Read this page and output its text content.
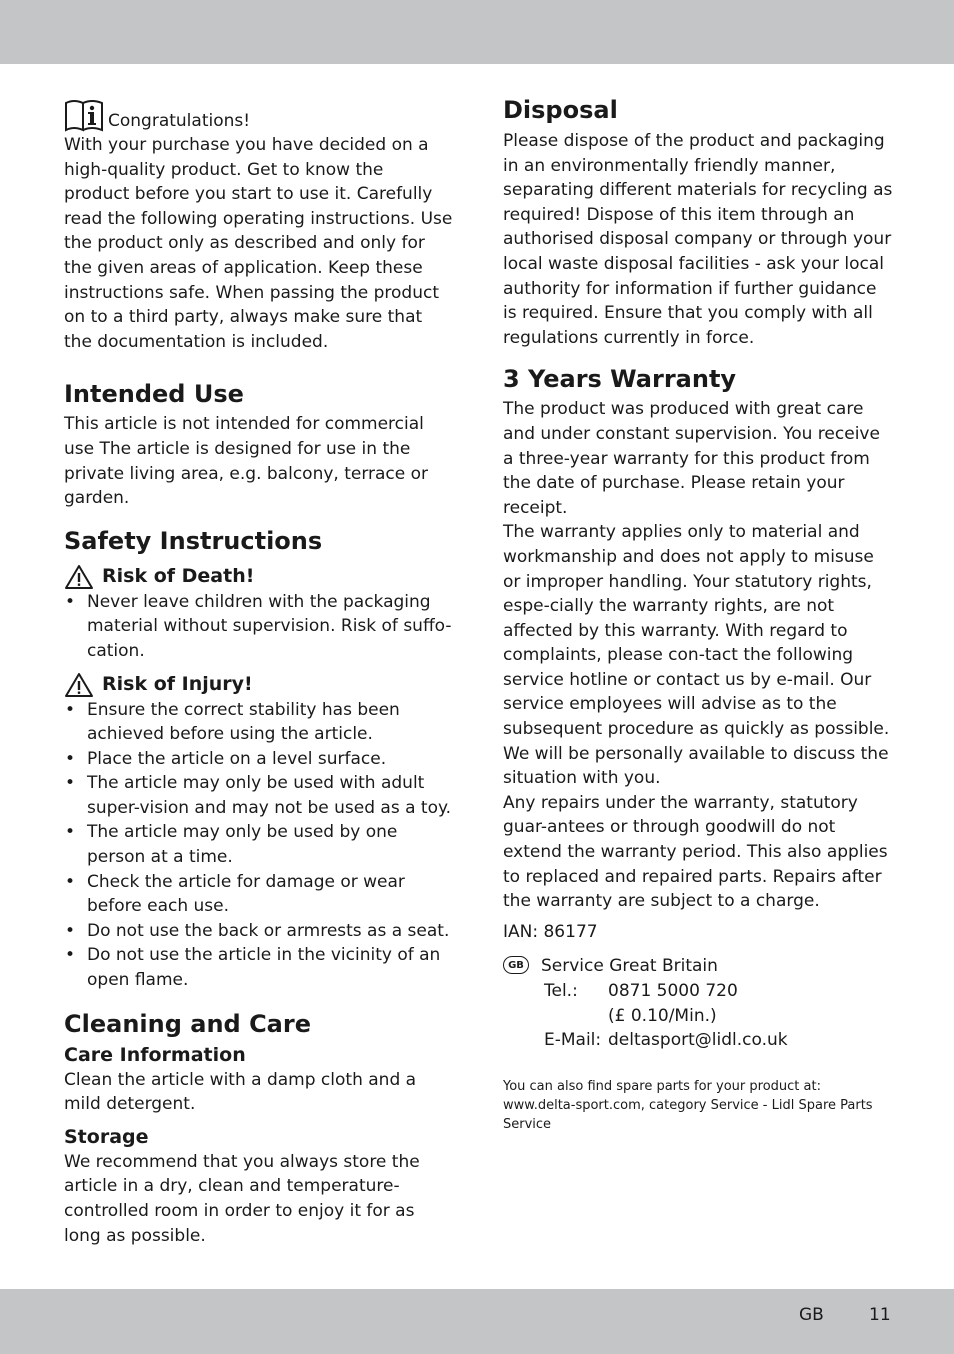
Congratulations!

With your purchase you have decided on a high-quality product. Get to know the product before you start to use it. Carefully read the following operating instructions. Use the product only as described and only for the given areas of application. Keep these instructions safe. When passing the product on to a third party, always make sure that the documentation is included.

Intended Use

This article is not intended for commercial use The article is designed for use in the private living area, e.g. balcony, terrace or garden.

Safety Instructions
Risk of Death!
• Never leave children with the packaging material without supervision. Risk of suffo-cation.
Risk of Injury!
• Ensure the correct stability has been achieved before using the article.
• Place the article on a level surface.
• The article may only be used with adult super-vision and may not be used as a toy.
• The article may only be used by one person at a time.
• Check the article for damage or wear before each use.
• Do not use the back or armrests as a seat.
• Do not use the article in the vicinity of an open flame.
Cleaning and Care
Care Information

Clean the article with a damp cloth and a mild detergent.

Storage

We recommend that you always store the article in a dry, clean and temperature-controlled room in order to enjoy it for as long as possible.

Disposal

Please dispose of the product and packaging in an environmentally friendly manner, separating different materials for recycling as required! Dispose of this item through an authorised disposal company or through your local waste disposal facilities - ask your local authority for information if further guidance is required. Ensure that you comply with all regulations currently in force.

3 Years Warranty

The product was produced with great care and under constant supervision. You receive a three-year warranty for this product from the date of purchase. Please retain your receipt.

The warranty applies only to material and workmanship and does not apply to misuse or improper handling. Your statutory rights, espe-cially the warranty rights, are not affected by this warranty. With regard to complaints, please con-tact the following service hotline or contact us by e-mail. Our service employees will advise as to the subsequent procedure as quickly as possible. We will be personally available to discuss the situation with you.

Any repairs under the warranty, statutory guar-antees or through goodwill do not extend the warranty period. This also applies to replaced and repaired parts. Repairs after the warranty are subject to a charge.

IAN: 86177

GB Service Great Britain
Tel.:	0871 5000 720
(£ 0.10/Min.)
E-Mail: deltasport@lidl.co.uk

You can also find spare parts for your product at: www.delta-sport.com, category Service - Lidl Spare Parts Service

GB	11
